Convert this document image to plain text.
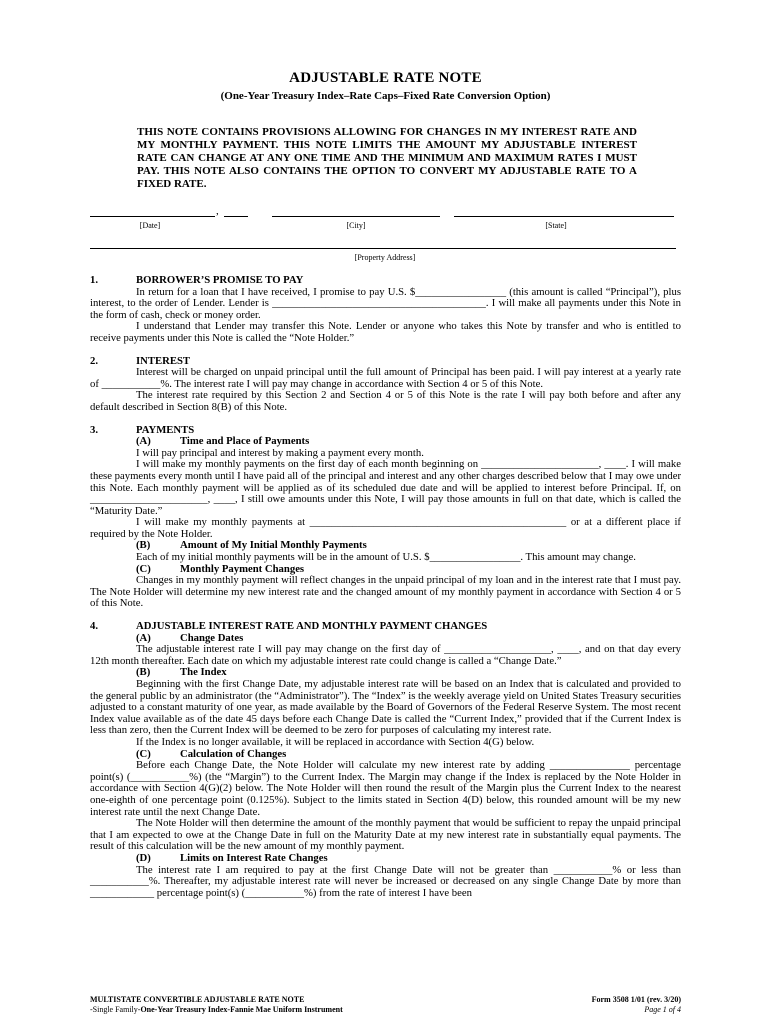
ADJUSTABLE RATE NOTE

(One-Year Treasury Index–Rate Caps–Fixed Rate Conversion Option)

THIS NOTE CONTAINS PROVISIONS ALLOWING FOR CHANGES IN MY INTEREST RATE AND MY MONTHLY PAYMENT. THIS NOTE LIMITS THE AMOUNT MY ADJUSTABLE INTEREST RATE CAN CHANGE AT ANY ONE TIME AND THE MINIMUM AND MAXIMUM RATES I MUST PAY. THIS NOTE ALSO CONTAINS THE OPTION TO CONVERT MY ADJUSTABLE RATE TO A FIXED RATE.

,
[Date]	[City]	[State]
[Property Address]

1.	BORROWER’S PROMISE TO PAY

In return for a loan that I have received, I promise to pay U.S. $_________________ (this amount is called “Principal”), plus interest, to the order of Lender. Lender is ________________________________________. I will make all payments under this Note in the form of cash, check or money order.

I understand that Lender may transfer this Note. Lender or anyone who takes this Note by transfer and who is entitled to receive payments under this Note is called the “Note Holder.”

2.	INTEREST

Interest will be charged on unpaid principal until the full amount of Principal has been paid. I will pay interest at a yearly rate of ___________%. The interest rate I will pay may change in accordance with Section 4 or 5 of this Note.

The interest rate required by this Section 2 and Section 4 or 5 of this Note is the rate I will pay both before and after any default described in Section 8(B) of this Note.

3.	PAYMENTS

(A)	Time and Place of Payments

I will pay principal and interest by making a payment every month.

I will make my monthly payments on the first day of each month beginning on ______________________, ____. I will make these payments every month until I have paid all of the principal and interest and any other charges described below that I may owe under this Note. Each monthly payment will be applied as of its scheduled due date and will be applied to interest before Principal. If, on ______________________, ____, I still owe amounts under this Note, I will pay those amounts in full on that date, which is called the “Maturity Date.”

I will make my monthly payments at ________________________________________________ or at a different place if required by the Note Holder.

(B)	Amount of My Initial Monthly Payments

Each of my initial monthly payments will be in the amount of U.S. $_________________. This amount may change.

(C)	Monthly Payment Changes

Changes in my monthly payment will reflect changes in the unpaid principal of my loan and in the interest rate that I must pay. The Note Holder will determine my new interest rate and the changed amount of my monthly payment in accordance with Section 4 or 5 of this Note.

4.	ADJUSTABLE INTEREST RATE AND MONTHLY PAYMENT CHANGES

(A)	Change Dates

The adjustable interest rate I will pay may change on the first day of ____________________, ____, and on that day every 12th month thereafter. Each date on which my adjustable interest rate could change is called a “Change Date.”

(B)	The Index

Beginning with the first Change Date, my adjustable interest rate will be based on an Index that is calculated and provided to the general public by an administrator (the “Administrator”). The “Index” is the weekly average yield on United States Treasury securities adjusted to a constant maturity of one year, as made available by the Board of Governors of the Federal Reserve System. The most recent Index value available as of the date 45 days before each Change Date is called the “Current Index,” provided that if the Current Index is less than zero, then the Current Index will be deemed to be zero for purposes of calculating my interest rate.

If the Index is no longer available, it will be replaced in accordance with Section 4(G) below.

(C)	Calculation of Changes

Before each Change Date, the Note Holder will calculate my new interest rate by adding _______________ percentage point(s) (___________%) (the “Margin”) to the Current Index. The Margin may change if the Index is replaced by the Note Holder in accordance with Section 4(G)(2) below. The Note Holder will then round the result of the Margin plus the Current Index to the nearest one-eighth of one percentage point (0.125%). Subject to the limits stated in Section 4(D) below, this rounded amount will be my new interest rate until the next Change Date.

The Note Holder will then determine the amount of the monthly payment that would be sufficient to repay the unpaid principal that I am expected to owe at the Change Date in full on the Maturity Date at my new interest rate in substantially equal payments. The result of this calculation will be the new amount of my monthly payment.

(D)	Limits on Interest Rate Changes

The interest rate I am required to pay at the first Change Date will not be greater than ___________% or less than ___________%. Thereafter, my adjustable interest rate will never be increased or decreased on any single Change Date by more than ____________ percentage point(s) (___________%) from the rate of interest I have been

MULTISTATE CONVERTIBLE ADJUSTABLE RATE NOTE
-Single Family-One-Year Treasury Index-Fannie Mae Uniform Instrument
Form 3508 1/01 (rev. 3/20)
Page 1 of 4
